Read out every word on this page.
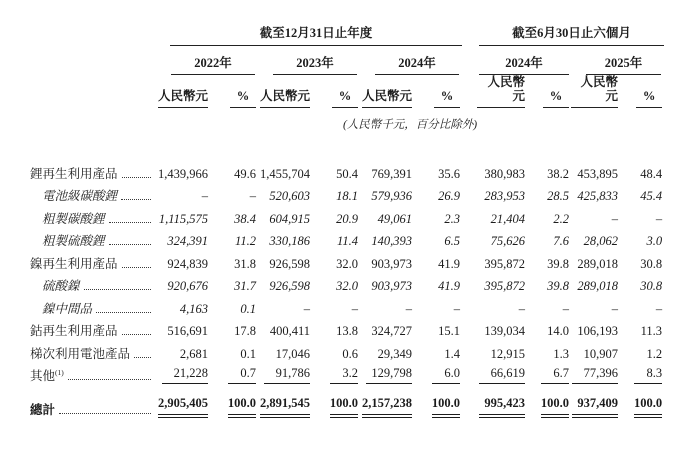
	截至12月31日止年度							截至6月30日止六個月			

	2022年		2023年		2024年			2024年		2025年	

	人民幣元	%	人民幣元	%	人民幣元	%		人民幣元	%	人民幣元	%
	(人民幣千元，百分比除外)										

鋰再生利用產品	1,439,966	49.6	1,455,704	50.4	769,391	35.6		380,983	38.2	453,895	48.4

電池級碳酸鋰	–	–	520,603	18.1	579,936	26.9		283,953	28.5	425,833	45.4

粗製碳酸鋰	1,115,575	38.4	604,915	20.9	49,061	2.3		21,404	2.2	–	–

粗製硫酸鋰	324,391	11.2	330,186	11.4	140,393	6.5		75,626	7.6	28,062	3.0

鎳再生利用產品	924,839	31.8	926,598	32.0	903,973	41.9		395,872	39.8	289,018	30.8

硫酸鎳	920,676	31.7	926,598	32.0	903,973	41.9		395,872	39.8	289,018	30.8

鎳中間品	4,163	0.1	–	–	–	–		–	–	–	–

鈷再生利用產品	516,691	17.8	400,411	13.8	324,727	15.1		139,034	14.0	106,193	11.3

梯次利用電池產品	2,681	0.1	17,046	0.6	29,349	1.4		12,915	1.3	10,907	1.2

其他$^{(1)}$	21,228	0.7	91,786	3.2	129,798	6.0		66,619	6.7	77,396	8.3

總計	2,905,405	100.0	2,891,545	100.0	2,157,238	100.0		995,423	100.0	937,409	100.0
